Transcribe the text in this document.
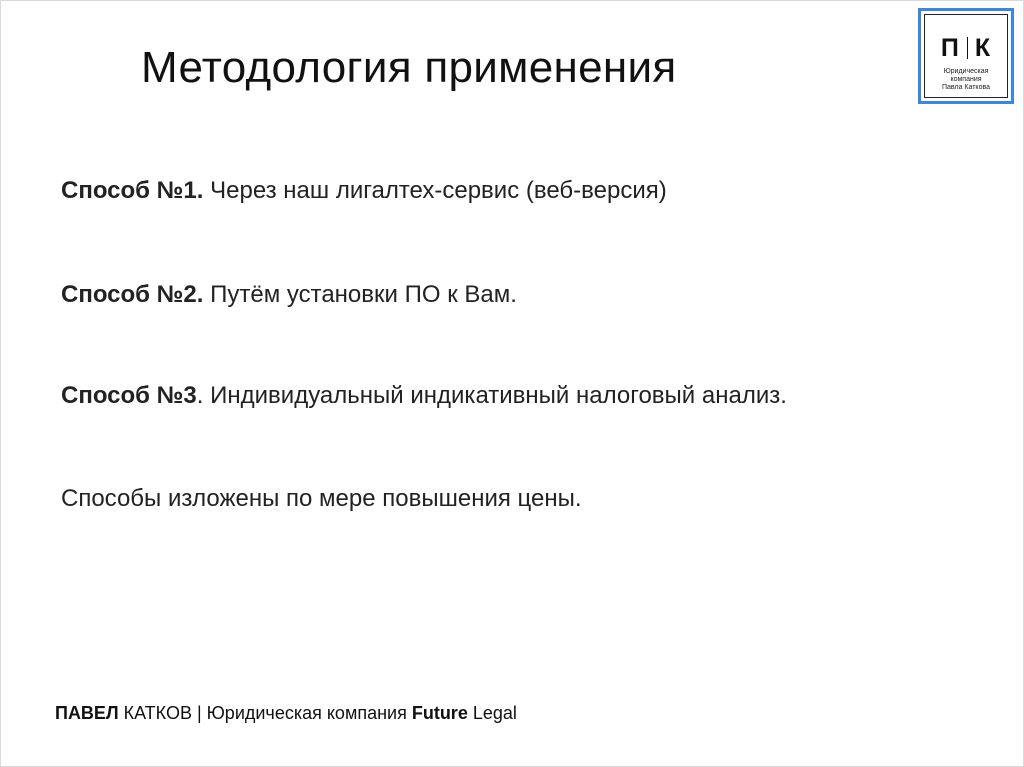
Методология применения	П К
Юридическая
компания
Павла Каткова
Способ №1. Через наш лигалтех-сервис (веб-версия)
Способ №2. Путём установки ПО к Вам.
Способ №3. Индивидуальный индикативный налоговый анализ.
Способы изложены по мере повышения цены.
ПАВЕЛ КАТКОВ | Юридическая компания Future Legal
